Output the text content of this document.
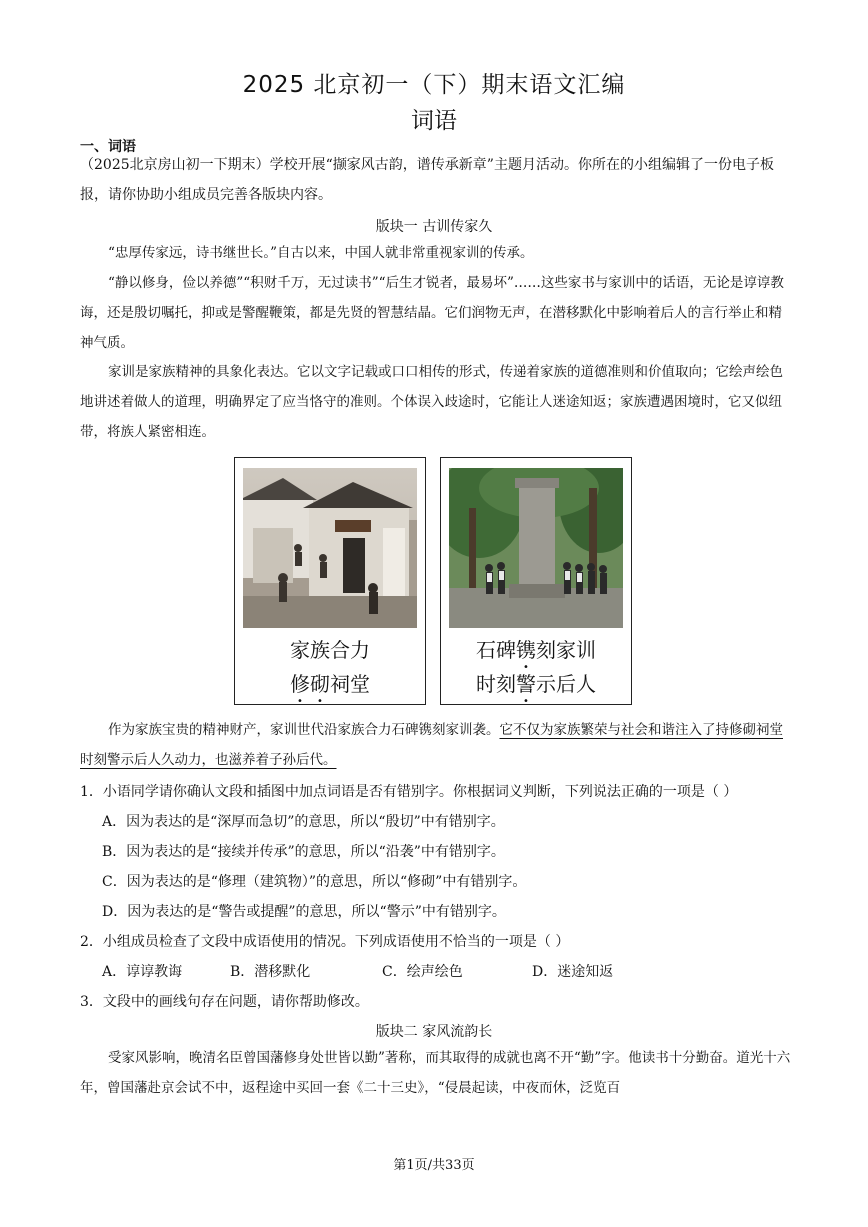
2025 北京初一（下）期末语文汇编
词语
一、词语

（2025北京房山初一下期末）学校开展“撷家风古韵，谱传承新章”主题月活动。你所在的小组编辑了一份电子板报，请你协助小组成员完善各版块内容。

版块一 古训传家久

“忠厚传家远，诗书继世长。”自古以来，中国人就非常重视家训的传承。

“静以修身，俭以养德”“积财千万，无过读书”“后生才锐者，最易坏”……这些家书与家训中的话语，无论是谆谆教诲，还是殷切嘱托，抑或是警醒鞭策，都是先贤的智慧结晶。它们润物无声，在潜移默化中影响着后人的言行举止和精神气质。

家训是家族精神的具象化表达。它以文字记载或口口相传的形式，传递着家族的道德准则和价值取向；它绘声绘色地讲述着做人的道理，明确界定了应当恪守的准则。个体误入歧途时，它能让人迷途知返；家族遭遇困境时，它又似纽带，将族人紧密相连。

家族合力
修砌祠堂
石碑镌刻家训
时刻警示后人

作为家族宝贵的精神财产，家训世代沿家族合力石碑镌刻家训袭。它不仅为家族繁荣与社会和谐注入了持修砌祠堂时刻警示后人久动力，也滋养着子孙后代。

1．小语同学请你确认文段和插图中加点词语是否有错别字。你根据词义判断，下列说法正确的一项是（ ）
A．因为表达的是“深厚而急切”的意思，所以“殷切”中有错别字。
B．因为表达的是“接续并传承”的意思，所以“沿袭”中有错别字。
C．因为表达的是“修理（建筑物）”的意思，所以“修砌”中有错别字。
D．因为表达的是“警告或提醒”的意思，所以“警示”中有错别字。
2．小组成员检查了文段中成语使用的情况。下列成语使用不恰当的一项是（ ）
A．谆谆教诲	B．潜移默化	C．绘声绘色	D．迷途知返
3．文段中的画线句存在问题，请你帮助修改。
版块二 家风流韵长

受家风影响，晚清名臣曾国藩修身处世皆以勤”著称，而其取得的成就也离不开“勤”字。他读书十分勤奋。道光十六年，曾国藩赴京会试不中，返程途中买回一套《二十三史》，“侵晨起读，中夜而休，泛览百

第1页/共33页
